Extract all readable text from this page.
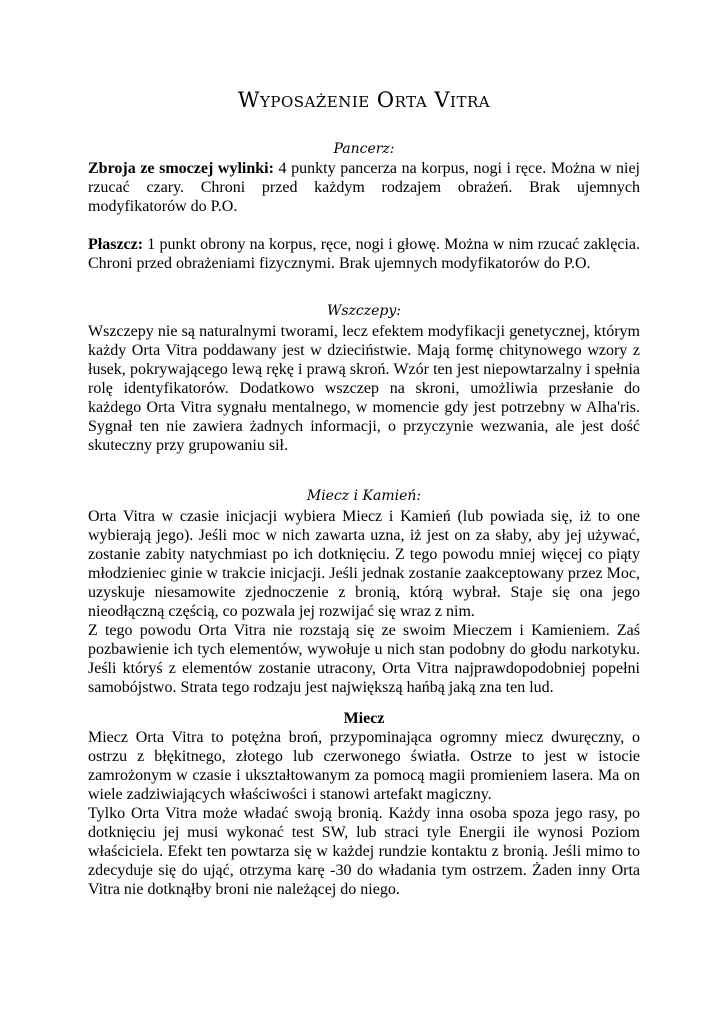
Wyposażenie Orta Vitra
Pancerz:

Zbroja ze smoczej wylinki: 4 punkty pancerza na korpus, nogi i ręce. Można w niej rzucać czary. Chroni przed każdym rodzajem obrażeń. Brak ujemnych modyfikatorów do P.O.

Płaszcz: 1 punkt obrony na korpus, ręce, nogi i głowę. Można w nim rzucać zaklęcia. Chroni przed obrażeniami fizycznymi. Brak ujemnych modyfikatorów do P.O.

Wszczepy:

Wszczepy nie są naturalnymi tworami, lecz efektem modyfikacji genetycznej, którym każdy Orta Vitra poddawany jest w dzieciństwie. Mają formę chitynowego wzory z łusek, pokrywającego lewą rękę i prawą skroń. Wzór ten jest niepowtarzalny i spełnia rolę identyfikatorów. Dodatkowo wszczep na skroni, umożliwia przesłanie do każdego Orta Vitra sygnału mentalnego, w momencie gdy jest potrzebny w Alha'ris. Sygnał ten nie zawiera żadnych informacji, o przyczynie wezwania, ale jest dość skuteczny przy grupowaniu sił.

Miecz i Kamień:

Orta Vitra w czasie inicjacji wybiera Miecz i Kamień (lub powiada się, iż to one wybierają jego). Jeśli moc w nich zawarta uzna, iż jest on za słaby, aby jej używać, zostanie zabity natychmiast po ich dotknięciu. Z tego powodu mniej więcej co piąty młodzieniec ginie w trakcie inicjacji. Jeśli jednak zostanie zaakceptowany przez Moc, uzyskuje niesamowite zjednoczenie z bronią, którą wybrał. Staje się ona jego nieodłączną częścią, co pozwala jej rozwijać się wraz z nim.

Z tego powodu Orta Vitra nie rozstają się ze swoim Mieczem i Kamieniem. Zaś pozbawienie ich tych elementów, wywołuje u nich stan podobny do głodu narkotyku. Jeśli któryś z elementów zostanie utracony, Orta Vitra najprawdopodobniej popełni samobójstwo. Strata tego rodzaju jest największą hańbą jaką zna ten lud.

Miecz

Miecz Orta Vitra to potężna broń, przypominająca ogromny miecz dwuręczny, o ostrzu z błękitnego, złotego lub czerwonego światła. Ostrze to jest w istocie zamrożonym w czasie i ukształtowanym za pomocą magii promieniem lasera. Ma on wiele zadziwiających właściwości i stanowi artefakt magiczny.

Tylko Orta Vitra może władać swoją bronią. Każdy inna osoba spoza jego rasy, po dotknięciu jej musi wykonać test SW, lub straci tyle Energii ile wynosi Poziom właściciela. Efekt ten powtarza się w każdej rundzie kontaktu z bronią. Jeśli mimo to zdecyduje się do ująć, otrzyma karę -30 do władania tym ostrzem. Żaden inny Orta Vitra nie dotknąłby broni nie należącej do niego.
